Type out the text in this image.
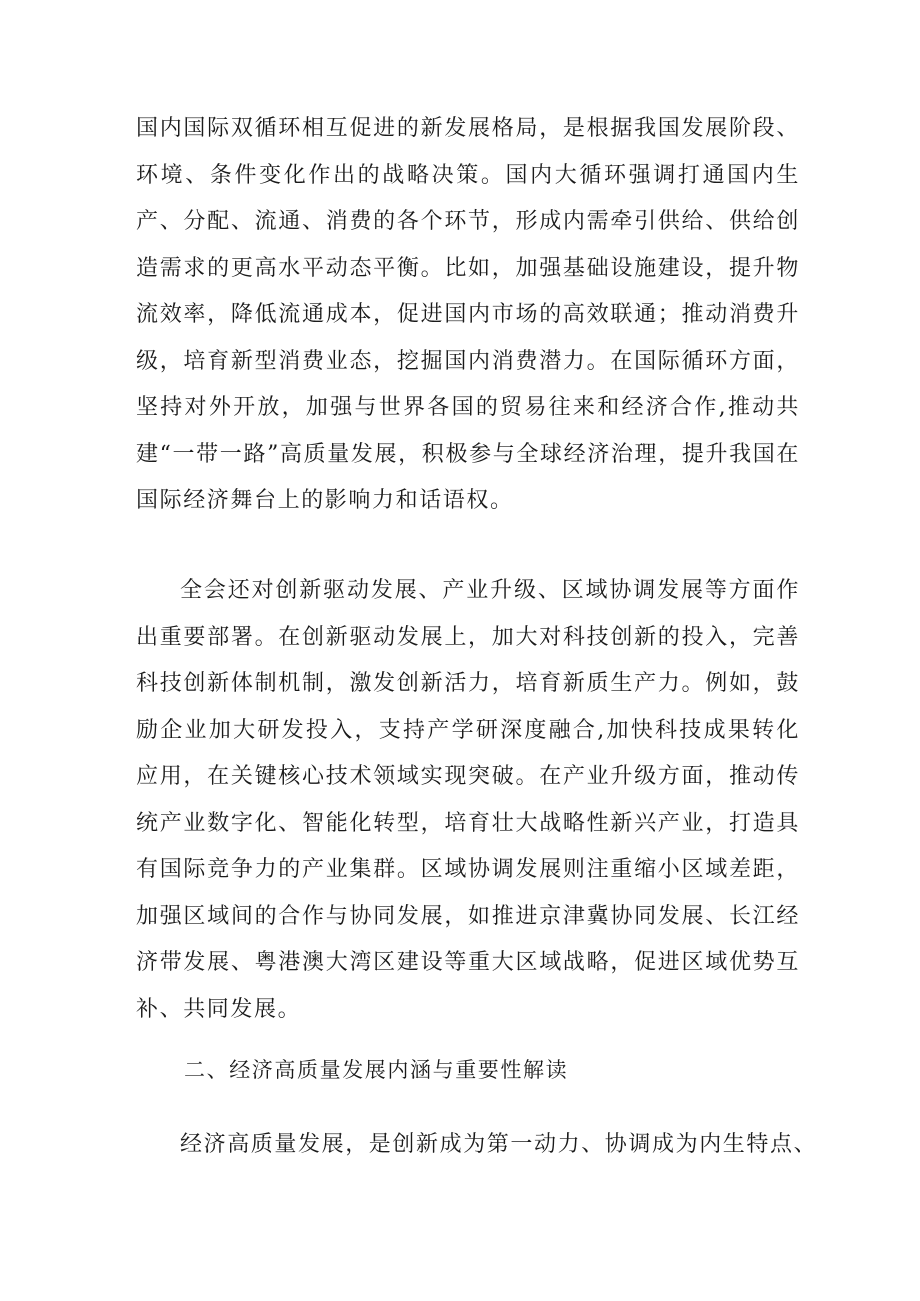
国内国际双循环相互促进的新发展格局，是根据我国发展阶段、环境、条件变化作出的战略决策。国内大循环强调打通国内生产、分配、流通、消费的各个环节，形成内需牵引供给、供给创造需求的更高水平动态平衡。比如，加强基础设施建设，提升物流效率，降低流通成本，促进国内市场的高效联通；推动消费升级，培育新型消费业态，挖掘国内消费潜力。在国际循环方面，坚持对外开放，加强与世界各国的贸易往来和经济合作,推动共建“一带一路”高质量发展，积极参与全球经济治理，提升我国在国际经济舞台上的影响力和话语权。

全会还对创新驱动发展、产业升级、区域协调发展等方面作出重要部署。在创新驱动发展上，加大对科技创新的投入，完善科技创新体制机制，激发创新活力，培育新质生产力。例如，鼓励企业加大研发投入，支持产学研深度融合,加快科技成果转化应用，在关键核心技术领域实现突破。在产业升级方面，推动传统产业数字化、智能化转型，培育壮大战略性新兴产业，打造具有国际竞争力的产业集群。区域协调发展则注重缩小区域差距，加强区域间的合作与协同发展，如推进京津冀协同发展、长江经济带发展、粤港澳大湾区建设等重大区域战略，促进区域优势互补、共同发展。

二、经济高质量发展内涵与重要性解读

经济高质量发展，是创新成为第一动力、协调成为内生特点、
